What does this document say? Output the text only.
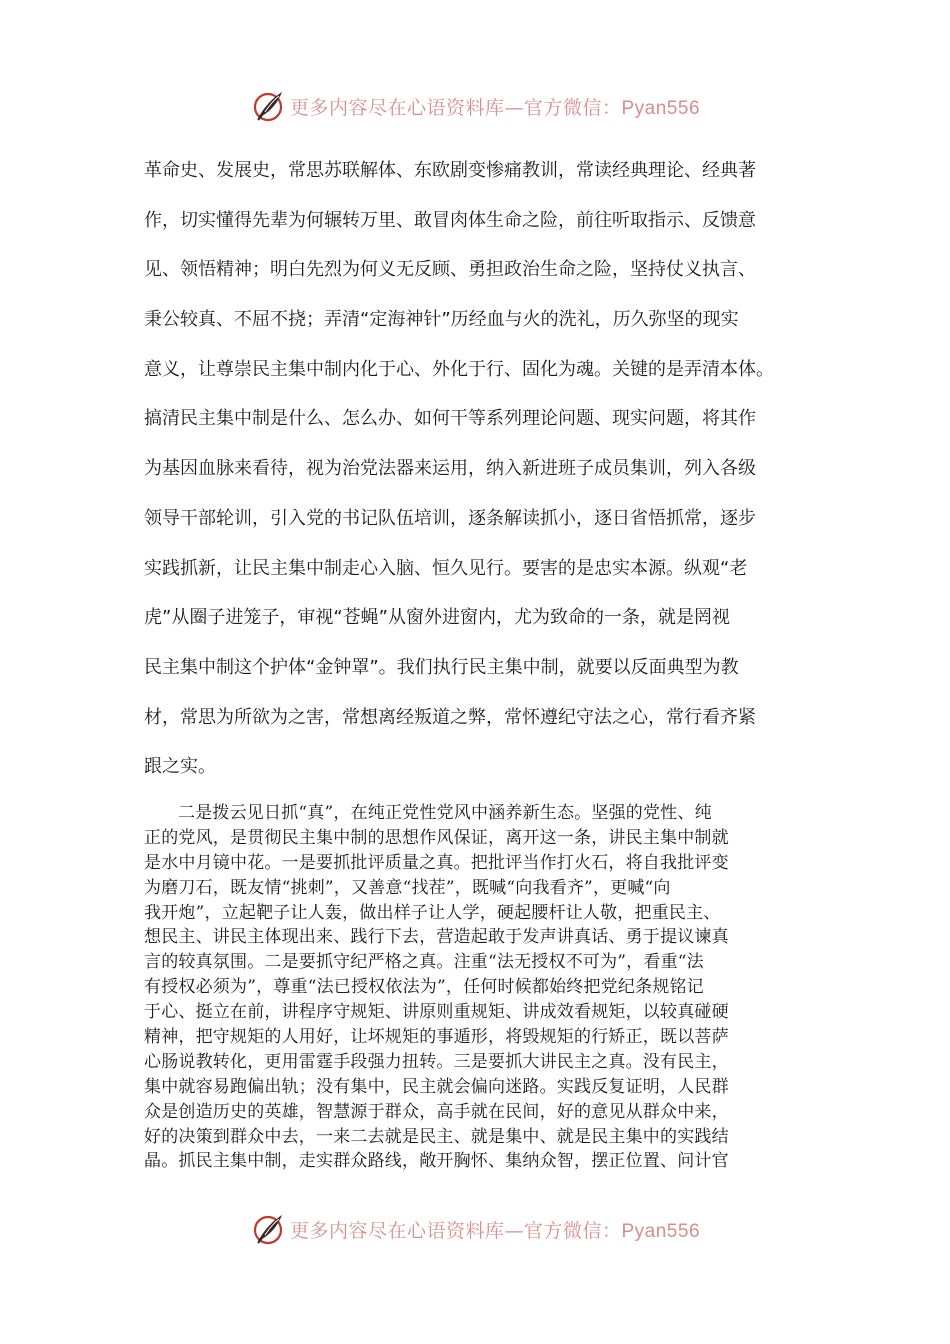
更多内容尽在心语资料库—官方微信：Pyan556
革命史、发展史，常思苏联解体、东欧剧变惨痛教训，常读经典理论、经典著
作，切实懂得先辈为何辗转万里、敢冒肉体生命之险，前往听取指示、反馈意
见、领悟精神；明白先烈为何义无反顾、勇担政治生命之险，坚持仗义执言、
秉公较真、不屈不挠；弄清“定海神针”历经血与火的洗礼，历久弥坚的现实
意义，让尊崇民主集中制内化于心、外化于行、固化为魂。关键的是弄清本体。
搞清民主集中制是什么、怎么办、如何干等系列理论问题、现实问题，将其作
为基因血脉来看待，视为治党法器来运用，纳入新进班子成员集训，列入各级
领导干部轮训，引入党的书记队伍培训，逐条解读抓小，逐日省悟抓常，逐步
实践抓新，让民主集中制走心入脑、恒久见行。要害的是忠实本源。纵观“老
虎”从圈子进笼子，审视“苍蝇”从窗外进窗内，尤为致命的一条，就是罔视
民主集中制这个护体“金钟罩”。我们执行民主集中制，就要以反面典型为教
材，常思为所欲为之害，常想离经叛道之弊，常怀遵纪守法之心，常行看齐紧
跟之实。
二是拨云见日抓“真”，在纯正党性党风中涵养新生态。坚强的党性、纯
正的党风，是贯彻民主集中制的思想作风保证，离开这一条，讲民主集中制就
是水中月镜中花。一是要抓批评质量之真。把批评当作打火石，将自我批评变
为磨刀石，既友情“挑刺”，又善意“找茬”，既喊“向我看齐”，更喊“向
我开炮”，立起靶子让人轰，做出样子让人学，硬起腰杆让人敬，把重民主、
想民主、讲民主体现出来、践行下去，营造起敢于发声讲真话、勇于提议谏真
言的较真氛围。二是要抓守纪严格之真。注重“法无授权不可为”，看重“法
有授权必须为”，尊重“法已授权依法为”，任何时候都始终把党纪条规铭记
于心、挺立在前，讲程序守规矩、讲原则重规矩、讲成效看规矩，以较真碰硬
精神，把守规矩的人用好，让坏规矩的事遁形，将毁规矩的行矫正，既以菩萨
心肠说教转化，更用雷霆手段强力扭转。三是要抓大讲民主之真。没有民主，
集中就容易跑偏出轨；没有集中，民主就会偏向迷路。实践反复证明，人民群
众是创造历史的英雄，智慧源于群众，高手就在民间，好的意见从群众中来，
好的决策到群众中去，一来二去就是民主、就是集中、就是民主集中的实践结
晶。抓民主集中制，走实群众路线，敞开胸怀、集纳众智，摆正位置、问计官
更多内容尽在心语资料库—官方微信：Pyan556
